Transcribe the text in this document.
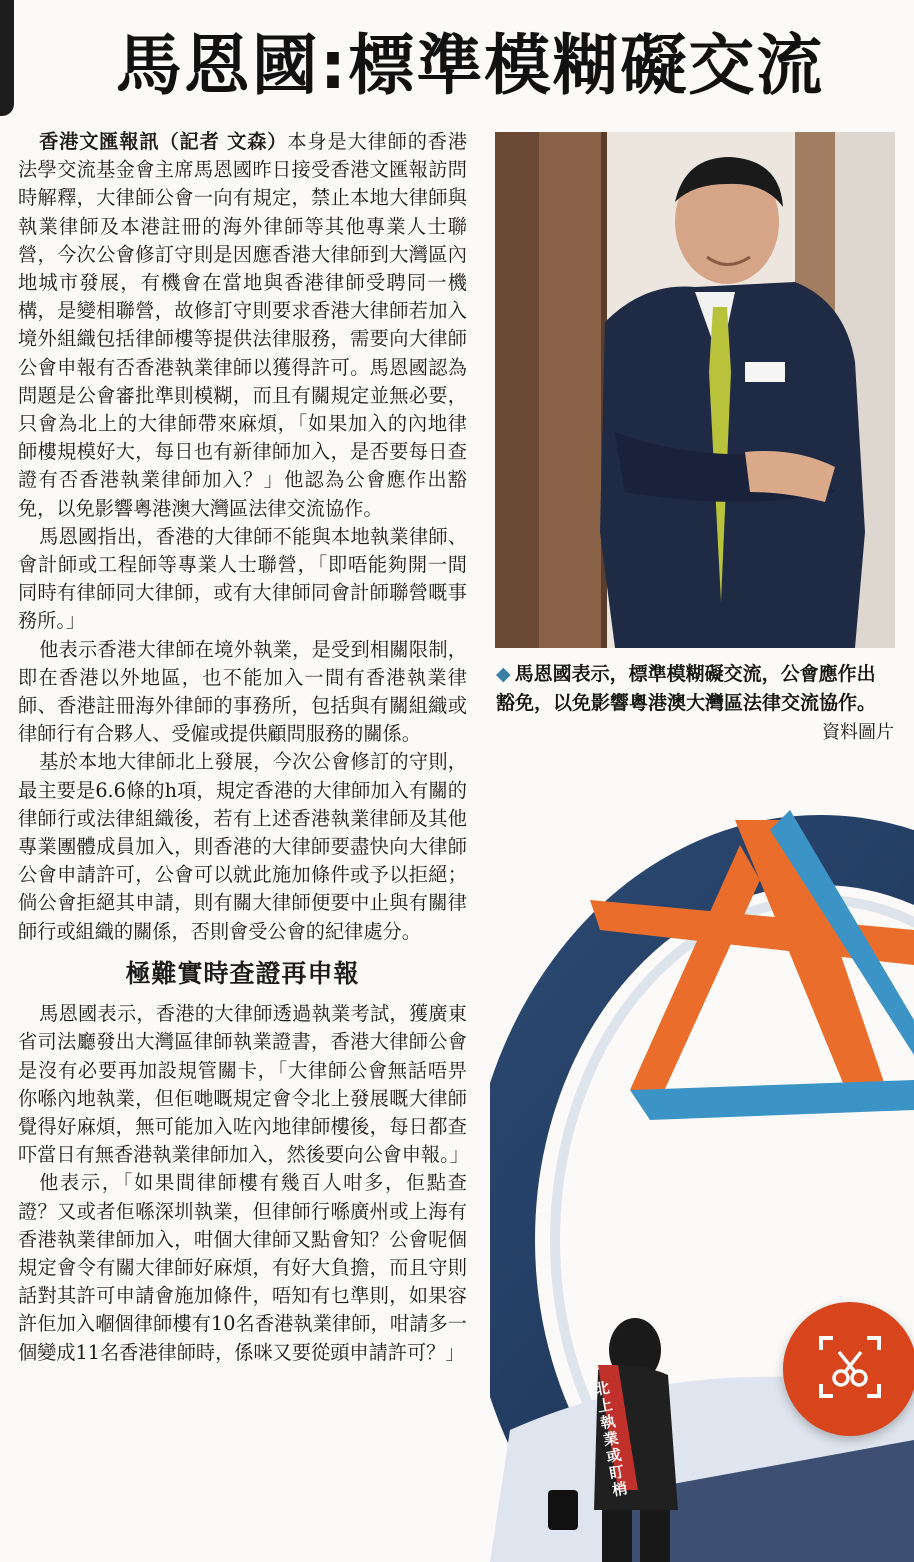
馬恩國:標準模糊礙交流

香港文匯報訊（記者 文森）本身是大律師的香港法學交流基金會主席馬恩國昨日接受香港文匯報訪問時解釋，大律師公會一向有規定，禁止本地大律師與執業律師及本港註冊的海外律師等其他專業人士聯營，今次公會修訂守則是因應香港大律師到大灣區內地城市發展，有機會在當地與香港律師受聘同一機構，是變相聯營，故修訂守則要求香港大律師若加入境外組織包括律師樓等提供法律服務，需要向大律師公會申報有否香港執業律師以獲得許可。馬恩國認為問題是公會審批準則模糊，而且有關規定並無必要，只會為北上的大律師帶來麻煩，「如果加入的內地律師樓規模好大，每日也有新律師加入，是否要每日查證有否香港執業律師加入？」他認為公會應作出豁免，以免影響粵港澳大灣區法律交流協作。

馬恩國指出，香港的大律師不能與本地執業律師、會計師或工程師等專業人士聯營，「即唔能夠開一間同時有律師同大律師，或有大律師同會計師聯營嘅事務所。」

他表示香港大律師在境外執業，是受到相關限制，即在香港以外地區，也不能加入一間有香港執業律師、香港註冊海外律師的事務所，包括與有關組織或律師行有合夥人、受僱或提供顧問服務的關係。

基於本地大律師北上發展，今次公會修訂的守則，最主要是6.6條的h項，規定香港的大律師加入有關的律師行或法律組織後，若有上述香港執業律師及其他專業團體成員加入，則香港的大律師要盡快向大律師公會申請許可，公會可以就此施加條件或予以拒絕；倘公會拒絕其申請，則有關大律師便要中止與有關律師行或組織的關係，否則會受公會的紀律處分。

極難實時查證再申報

馬恩國表示，香港的大律師透過執業考試，獲廣東省司法廳發出大灣區律師執業證書，香港大律師公會是沒有必要再加設規管關卡，「大律師公會無話唔畀你喺內地執業，但佢哋嘅規定會令北上發展嘅大律師覺得好麻煩，無可能加入咗內地律師樓後，每日都查吓當日有無香港執業律師加入，然後要向公會申報。」

他表示，「如果間律師樓有幾百人咁多，佢點查證？又或者佢喺深圳執業，但律師行喺廣州或上海有香港執業律師加入，咁個大律師又點會知？公會呢個規定會令有關大律師好麻煩，有好大負擔，而且守則話對其許可申請會施加條件，唔知有乜準則，如果容許佢加入嗰個律師樓有10名香港執業律師，咁請多一個變成11名香港律師時，係咪又要從頭申請許可？」

◆ 馬恩國表示，標準模糊礙交流，公會應作出豁免，以免影響粵港澳大灣區法律交流協作。
資料圖片
北上執業或盯梢
